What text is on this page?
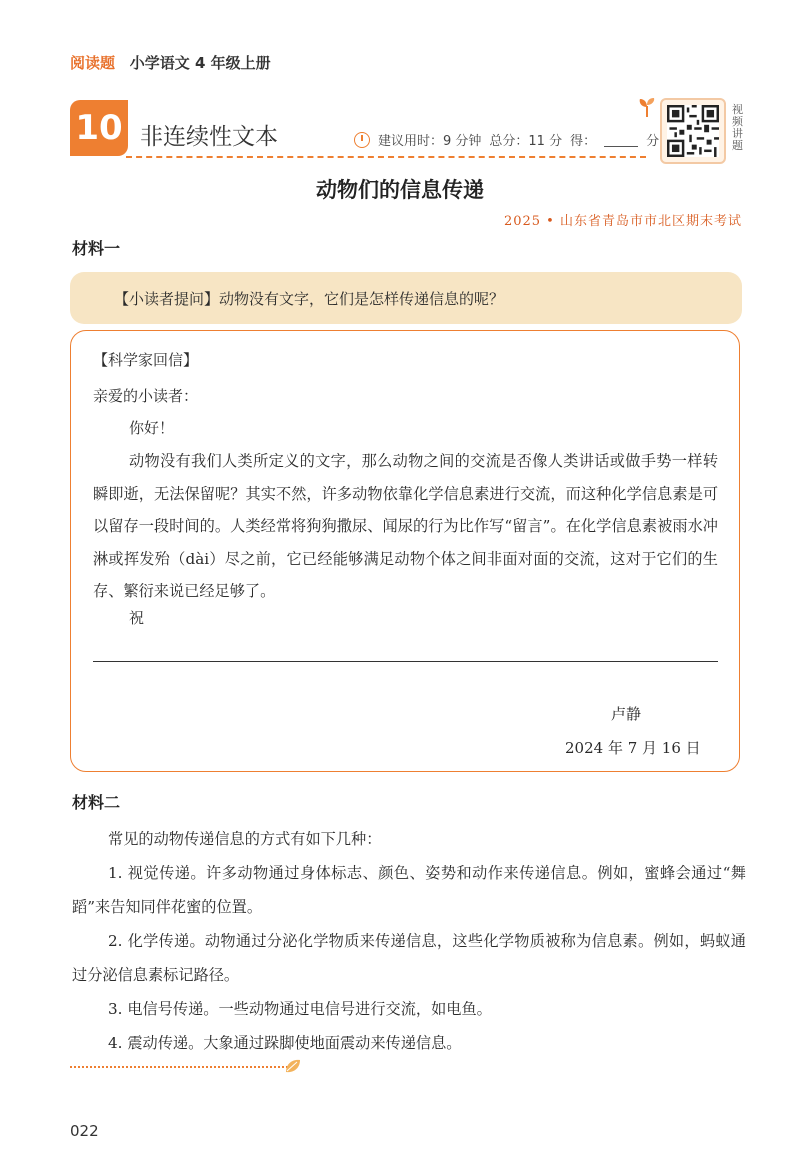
阅读题 小学语文 4 年级上册
10 非连续性文本	建议用时：9 分钟 总分：11 分 得：	分
视频讲题
动物们的信息传递
2025 • 山东省青岛市市北区期末考试
材料一
【小读者提问】动物没有文字，它们是怎样传递信息的呢？
【科学家回信】
亲爱的小读者：
你好！
动物没有我们人类所定义的文字，那么动物之间的交流是否像人类讲话或做手势一样转瞬即逝，无法保留呢？其实不然，许多动物依靠化学信息素进行交流，而这种化学信息素是可以留存一段时间的。人类经常将狗狗撒尿、闻尿的行为比作写“留言”。在化学信息素被雨水冲淋或挥发殆（dài）尽之前，它已经能够满足动物个体之间非面对面的交流，这对于它们的生存、繁衍来说已经足够了。
祝
卢静
2024 年 7 月 16 日
材料二

常见的动物传递信息的方式有如下几种：

1. 视觉传递。许多动物通过身体标志、颜色、姿势和动作来传递信息。例如，蜜蜂会通过“舞蹈”来告知同伴花蜜的位置。

2. 化学传递。动物通过分泌化学物质来传递信息，这些化学物质被称为信息素。例如，蚂蚁通过分泌信息素标记路径。

3. 电信号传递。一些动物通过电信号进行交流，如电鱼。

4. 震动传递。大象通过跺脚使地面震动来传递信息。

022
